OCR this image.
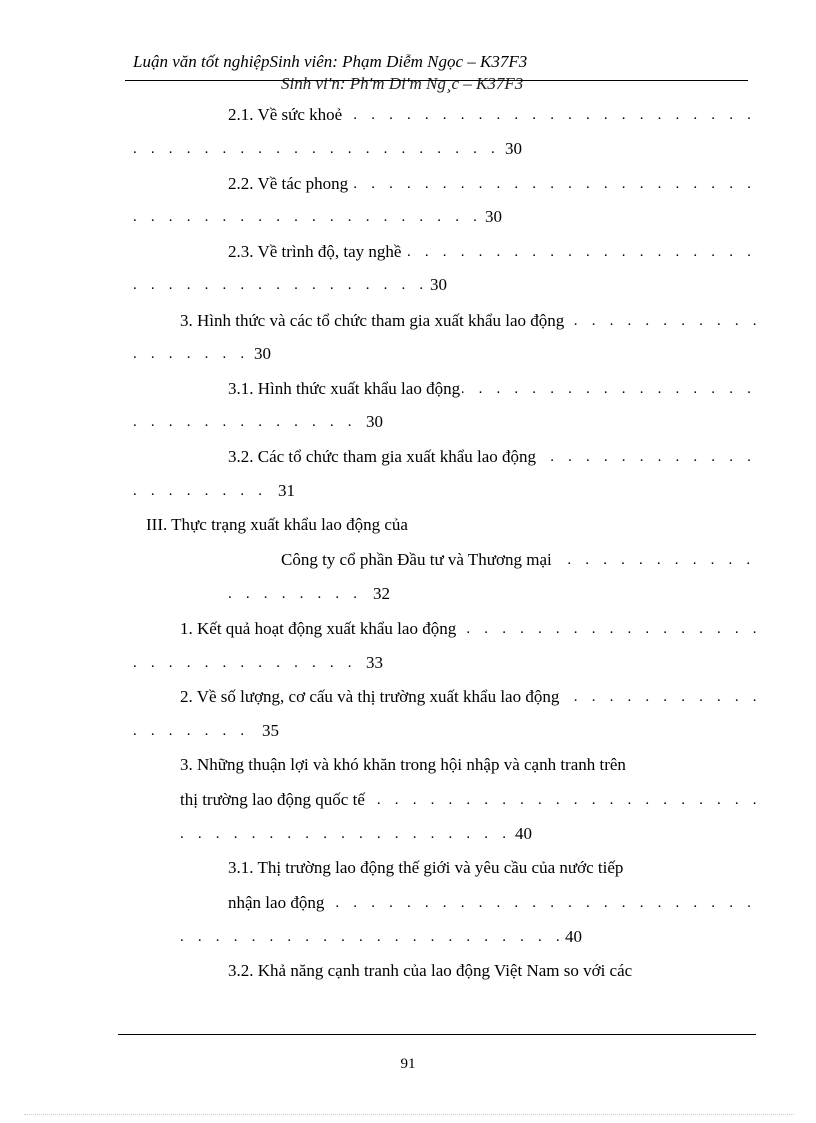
Luận văn tốt nghiệpSinh viên: Phạm Diễm Ngọc – K37F3
Sinh vi'n: Ph'm Di'm Ng¸c – K37F3
2.1. Về sức khoẻ
. . .
. . .
30
2.2. Về tác phong
. . .
. . .
30
2.3. Về trình độ, tay nghề
. . .
. . .
30
3. Hình thức và các tổ chức tham gia xuất khẩu lao động
. . .
. . .
30
3.1. Hình thức xuất khẩu lao động
. . .
. . .
30
3.2. Các tổ chức tham gia xuất khẩu lao động
. . .
. . .
31
III. Thực trạng xuất khẩu lao động của
Công ty cổ phần Đầu tư và Thương mại
. . .
. . .
32
1. Kết quả hoạt động xuất khẩu lao động
. . .
. . .
33
2. Về số lượng, cơ cấu và thị trường xuất khẩu lao động
. . .
. . .
35
3. Những thuận lợi và khó khăn trong hội nhập và cạnh tranh trên
thị trường lao động quốc tế
. . .
. . .
40
3.1. Thị trường lao động thế giới và yêu cầu của nước tiếp
nhận lao động
. . .
. . .
40
3.2. Khả năng cạnh tranh của lao động Việt Nam so với các
91
